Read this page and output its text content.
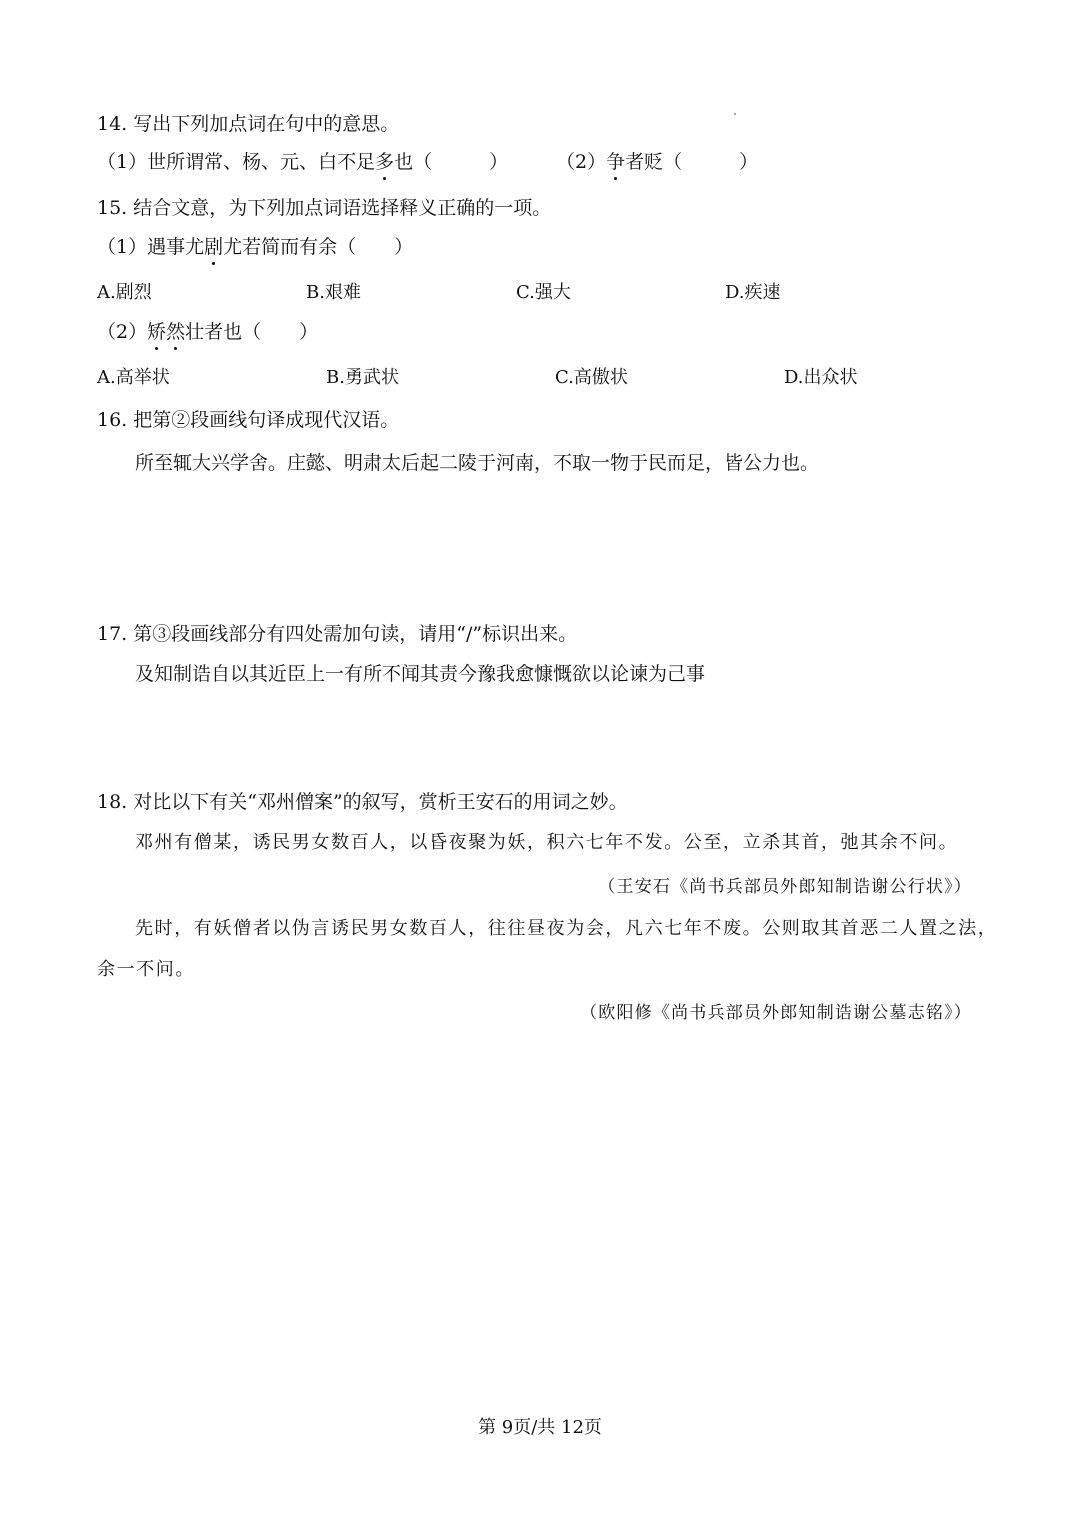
14. 写出下列加点词在句中的意思。
（1）世所谓常、杨、元、白不足多也（　　　）	（2）争者贬（　　　）
15. 结合文意，为下列加点词语选择释义正确的一项。
（1）遇事尤剧尤若简而有余（　　）
A.剧烈	B.艰难	C.强大	D.疾速
（2）矫然壮者也（　　）
A.高举状	B.勇武状	C.高傲状	D.出众状
16. 把第②段画线句译成现代汉语。
所至辄大兴学舍。庄懿、明肃太后起二陵于河南，不取一物于民而足，皆公力也。
17. 第③段画线部分有四处需加句读，请用“/”标识出来。
及知制诰自以其近臣上一有所不闻其责今豫我愈慷慨欲以论谏为己事
18. 对比以下有关“邓州僧案”的叙写，赏析王安石的用词之妙。
邓州有僧某，诱民男女数百人，以昏夜聚为妖，积六七年不发。公至，立杀其首，弛其余不问。
（王安石《尚书兵部员外郎知制诰谢公行状》）
先时，有妖僧者以伪言诱民男女数百人，往往昼夜为会，凡六七年不废。公则取其首恶二人置之法，
余一不问。
（欧阳修《尚书兵部员外郎知制诰谢公墓志铭》）
第 9页/共 12页
